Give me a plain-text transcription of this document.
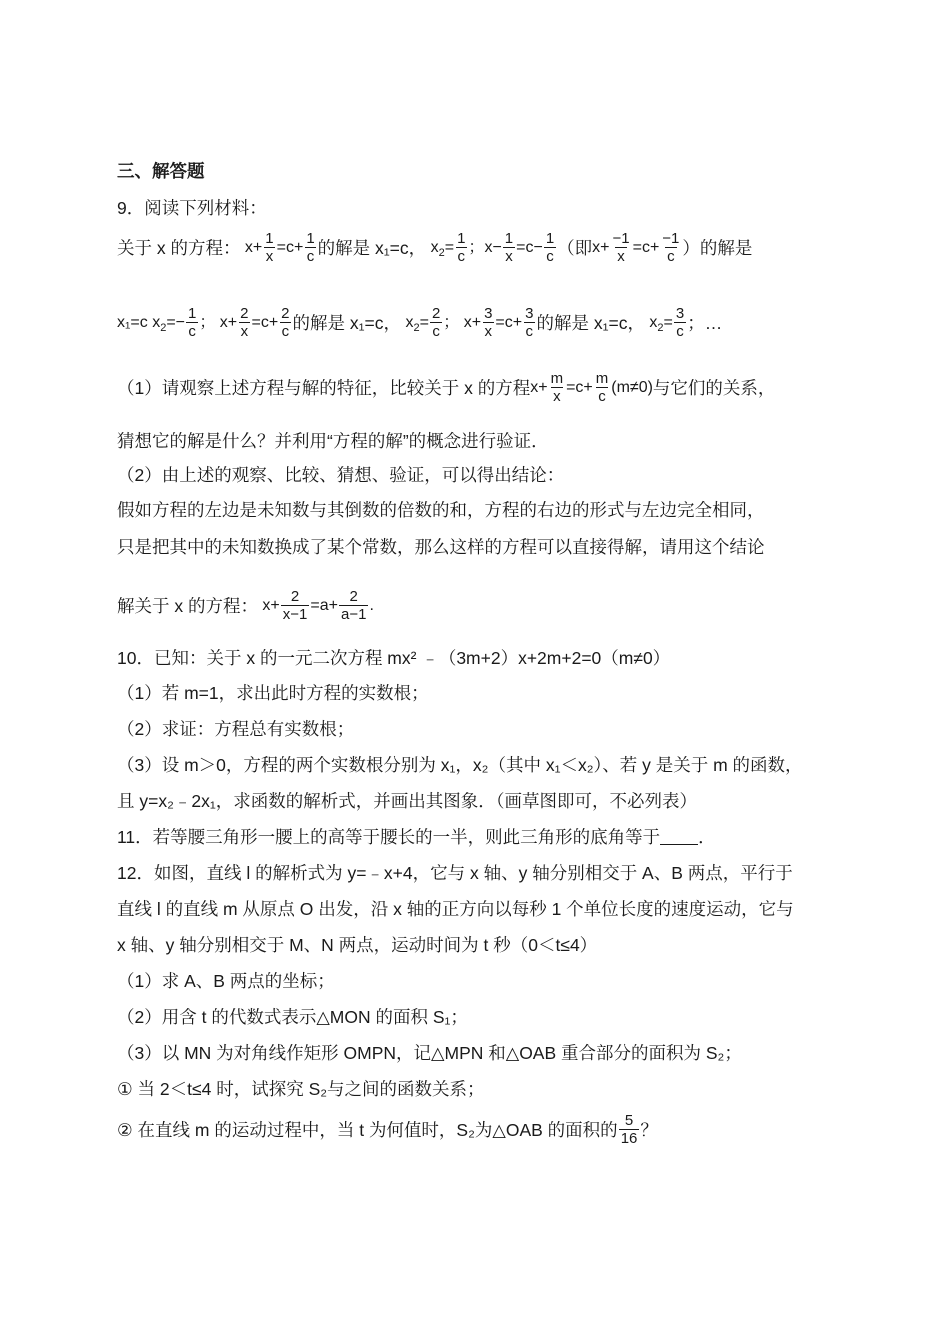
三、解答题
9．阅读下列材料：
关于 x 的方程： $x+ \frac{1}{x} =c+ \frac{1}{c}$ 的解是 x₁=c， $x_2= \frac{1}{c}$ ； $x- \frac{1}{x} =c- \frac{1}{c}$ （即 $x+ \frac{-1}{x} =c+ \frac{-1}{c}$ ）的解是
x₁=c $x_2=- \frac{1}{c}$ ； $x+ \frac{2}{x} =c+ \frac{2}{c}$ 的解是 x₁=c， $x_2= \frac{2}{c}$ ； $x+ \frac{3}{x} =c+ \frac{3}{c}$ 的解是 x₁=c， $x_2= \frac{3}{c}$ ；…
（1）请观察上述方程与解的特征，比较关于 x 的方程 $x+ \frac{m}{x} =c+ \frac{m}{c} (m\ne 0)$ 与它们的关系，
猜想它的解是什么？并利用“方程的解”的概念进行验证．
（2）由上述的观察、比较、猜想、验证，可以得出结论：
假如方程的左边是未知数与其倒数的倍数的和，方程的右边的形式与左边完全相同，
只是把其中的未知数换成了某个常数，那么这样的方程可以直接得解，请用这个结论
解关于 x 的方程： $x+ \frac{2}{x-1} =a+ \frac{2}{a-1}$ .
10．已知：关于 x 的一元二次方程 mx² ﹣（3m+2）x+2m+2=0（m≠0）
（1）若 m=1，求出此时方程的实数根；
（2）求证：方程总有实数根；
（3）设 m＞0，方程的两个实数根分别为 x₁，x₂（其中 x₁＜x₂）、若 y 是关于 m 的函数，
且 y=x₂﹣2x₁，求函数的解析式，并画出其图象．（画草图即可，不必列表）
11．若等腰三角形一腰上的高等于腰长的一半，则此三角形的底角等于 ．
12．如图，直线 l 的解析式为 y=﹣x+4，它与 x 轴、y 轴分别相交于 A、B 两点，平行于
直线 l 的直线 m 从原点 O 出发，沿 x 轴的正方向以每秒 1 个单位长度的速度运动，它与
x 轴、y 轴分别相交于 M、N 两点，运动时间为 t 秒（0＜t≤4）
（1）求 A、B 两点的坐标；
（2）用含 t 的代数式表示△MON 的面积 S₁；
（3）以 MN 为对角线作矩形 OMPN，记△MPN 和△OAB 重合部分的面积为 S₂；
① 当 2＜t≤4 时，试探究 S₂与之间的函数关系；
② 在直线 m 的运动过程中，当 t 为何值时，S₂为△OAB 的面积的 $\frac{5}{16}$ ？
